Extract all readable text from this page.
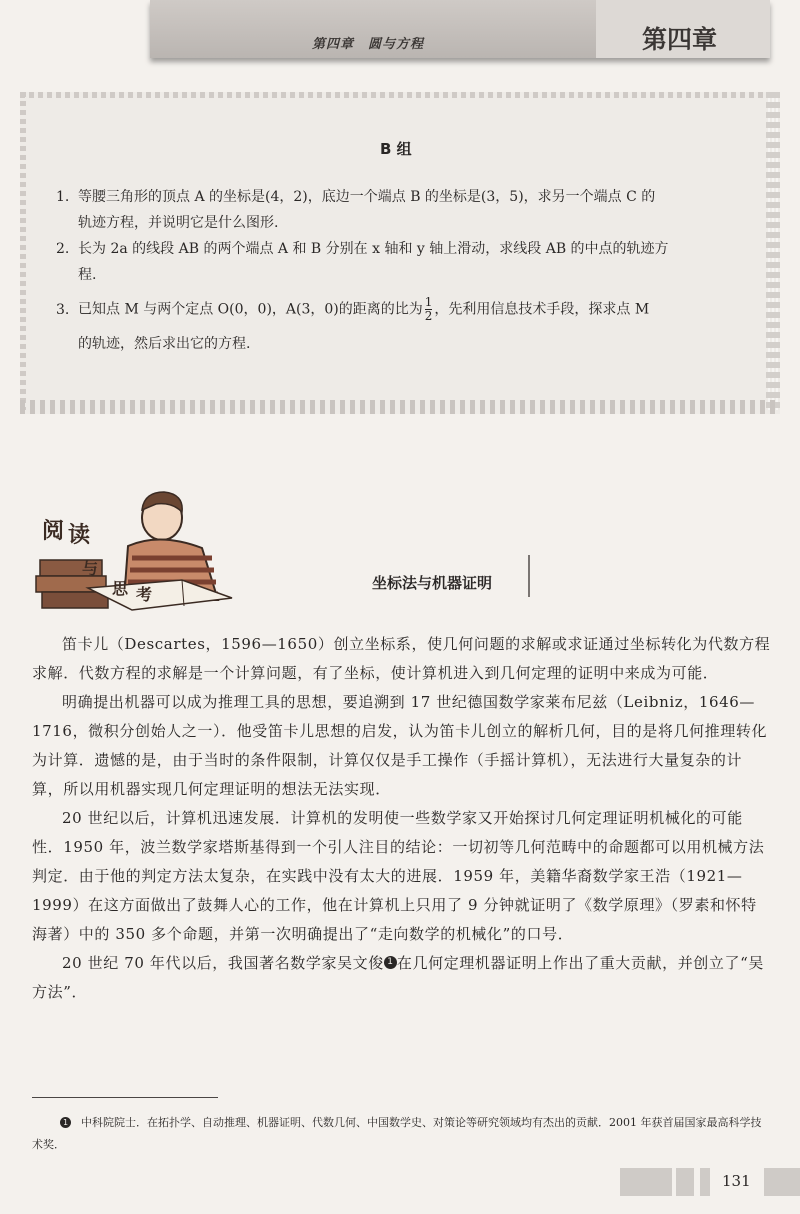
第四章　圆与方程	第四章
B 组
1. 等腰三角形的顶点 A 的坐标是(4，2)，底边一个端点 B 的坐标是(3，5)，求另一个端点 C 的
轨迹方程，并说明它是什么图形.
2. 长为 2a 的线段 AB 的两个端点 A 和 B 分别在 x 轴和 y 轴上滑动，求线段 AB 的中点的轨迹方
程.
3. 已知点 M 与两个定点 O(0，0)，A(3，0)的距离的比为 $\frac{1}{2}$ ，先利用信息技术手段，探求点 M
的轨迹，然后求出它的方程.
阅 读
与
思 考
坐标法与机器证明

笛卡儿（Descartes，1596—1650）创立坐标系，使几何问题的求解或求证通过坐标转化为代数方程求解．代数方程的求解是一个计算问题，有了坐标，使计算机进入到几何定理的证明中来成为可能．

明确提出机器可以成为推理工具的思想，要追溯到 17 世纪德国数学家莱布尼兹（Leibniz，1646—1716，微积分创始人之一）．他受笛卡儿思想的启发，认为笛卡儿创立的解析几何，目的是将几何推理转化为计算．遗憾的是，由于当时的条件限制，计算仅仅是手工操作（手摇计算机），无法进行大量复杂的计算，所以用机器实现几何定理证明的想法无法实现．

20 世纪以后，计算机迅速发展．计算机的发明使一些数学家又开始探讨几何定理证明机械化的可能性．1950 年，波兰数学家塔斯基得到一个引人注目的结论：一切初等几何范畴中的命题都可以用机械方法判定．由于他的判定方法太复杂，在实践中没有太大的进展．1959 年，美籍华裔数学家王浩（1921—1999）在这方面做出了鼓舞人心的工作，他在计算机上只用了 9 分钟就证明了《数学原理》（罗素和怀特海著）中的 350 多个命题，并第一次明确提出了“走向数学的机械化”的口号．

20 世纪 70 年代以后，我国著名数学家吴文俊 1 在几何定理机器证明上作出了重大贡献，并创立了“吴方法”．

1 中科院院士．在拓扑学、自动推理、机器证明、代数几何、中国数学史、对策论等研究领域均有杰出的贡献．2001 年获首届国家最高科学技术奖．
131
